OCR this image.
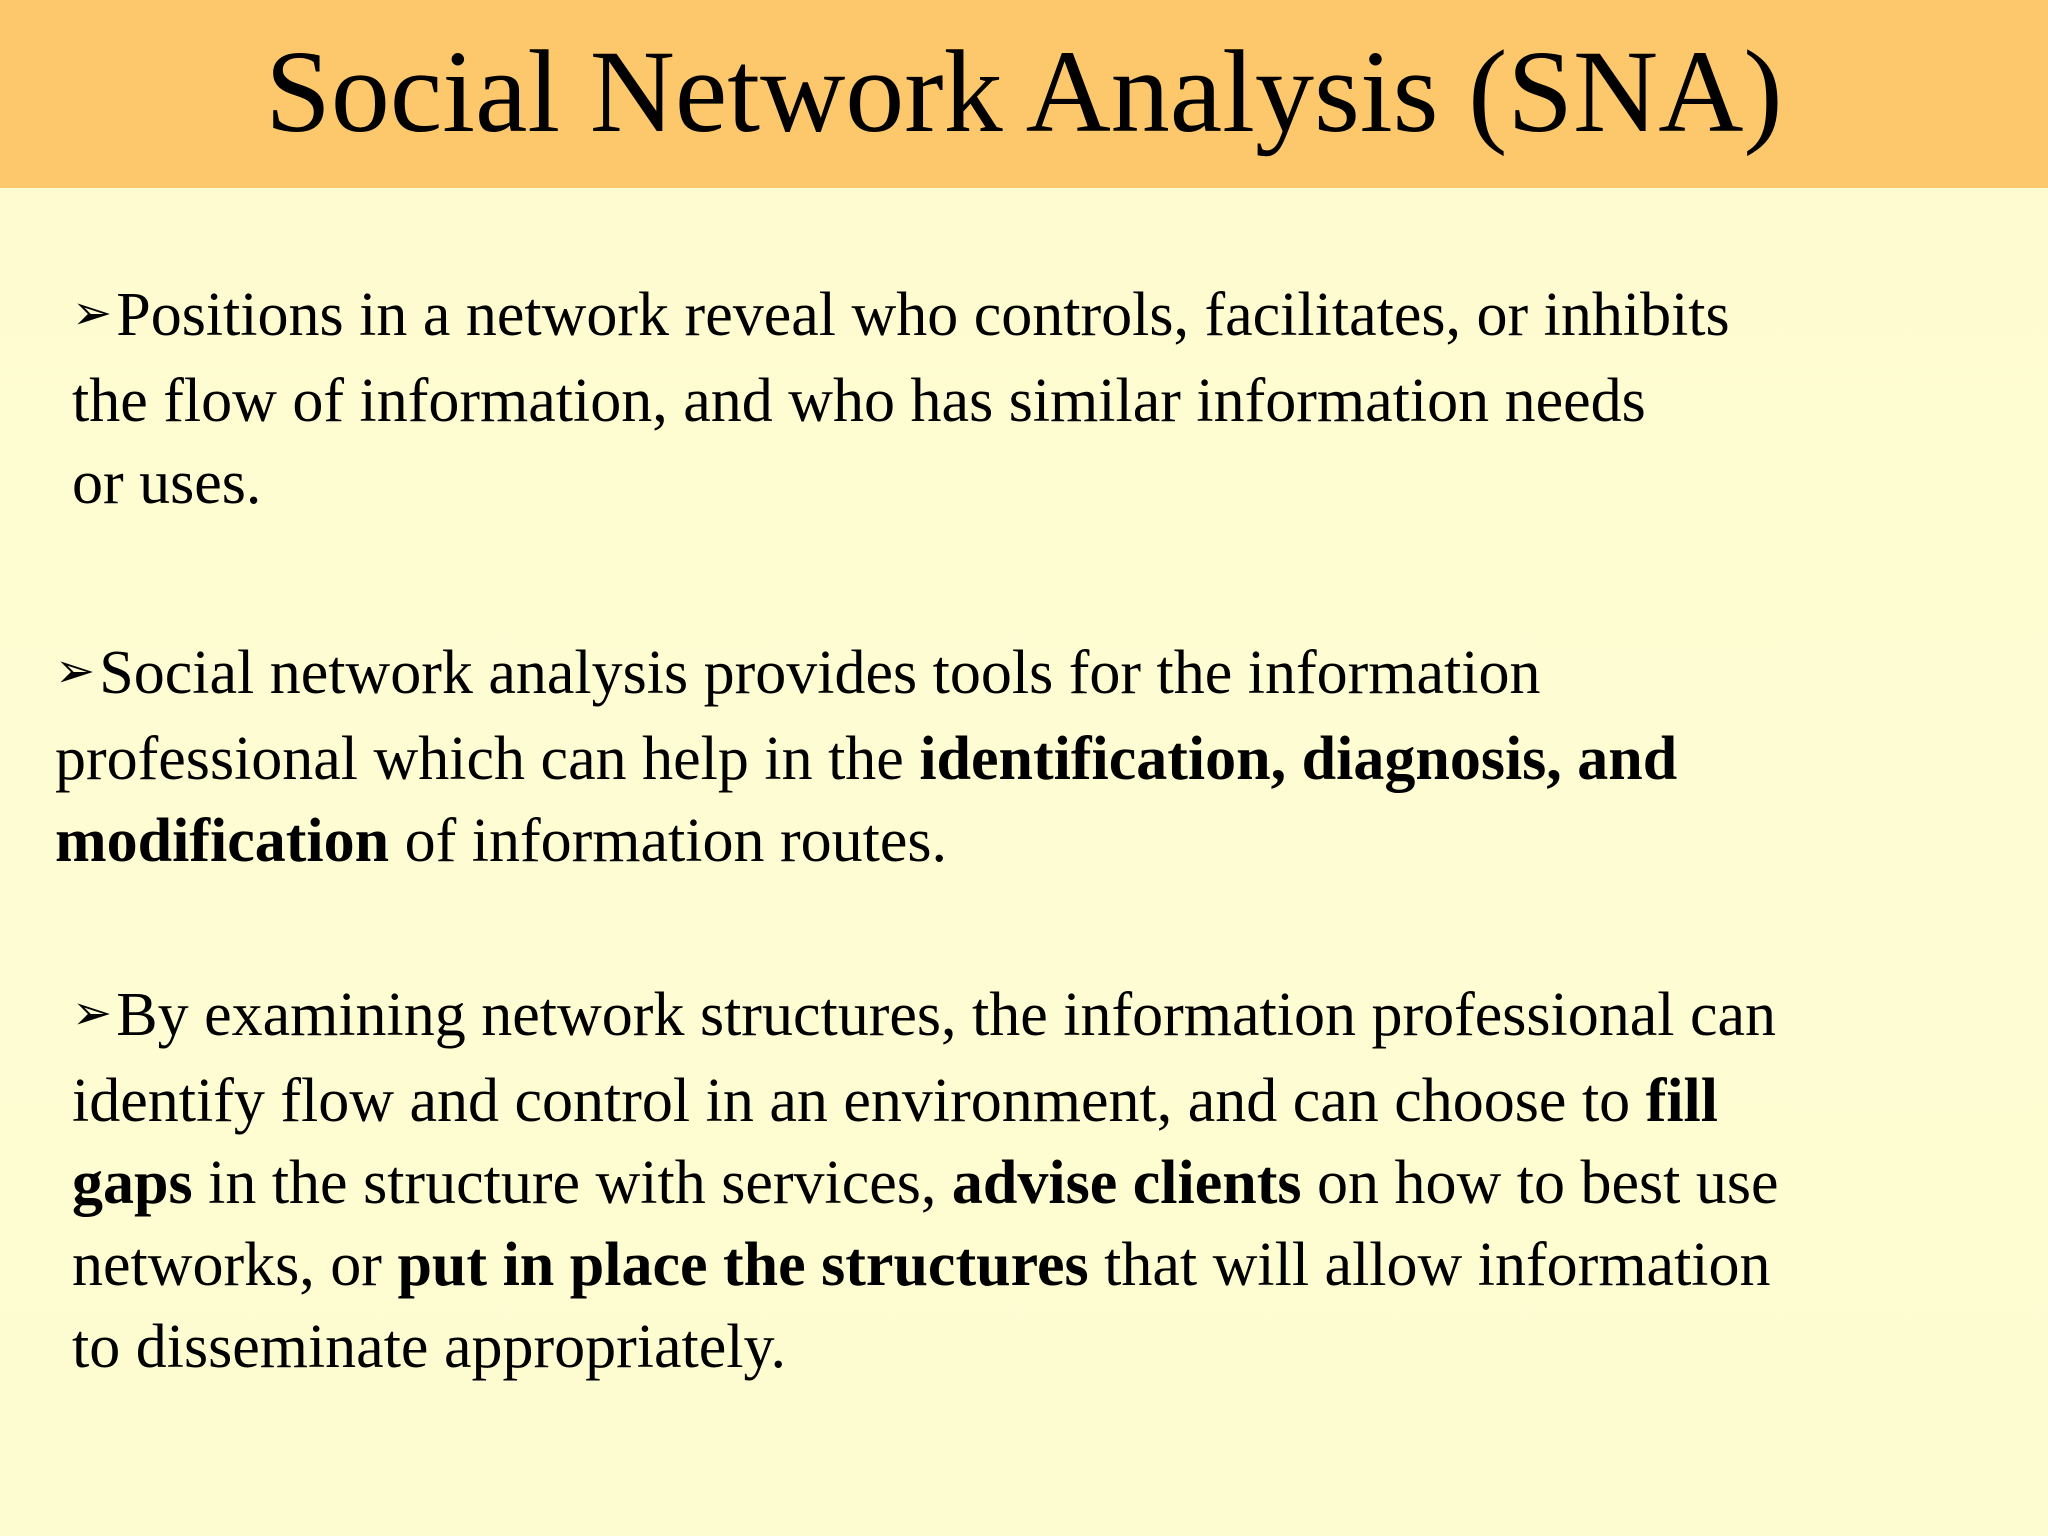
Social Network Analysis (SNA)

➢Positions in a network reveal who controls, facilitates, or inhibits
the flow of information, and who has similar information needs
or uses.

➢Social network analysis provides tools for the information
professional which can help in the identification, diagnosis, and
modification of information routes.

➢By examining network structures, the information professional can
identify flow and control in an environment, and can choose to fill
gaps in the structure with services, advise clients on how to best use
networks, or put in place the structures that will allow information
to disseminate appropriately.
